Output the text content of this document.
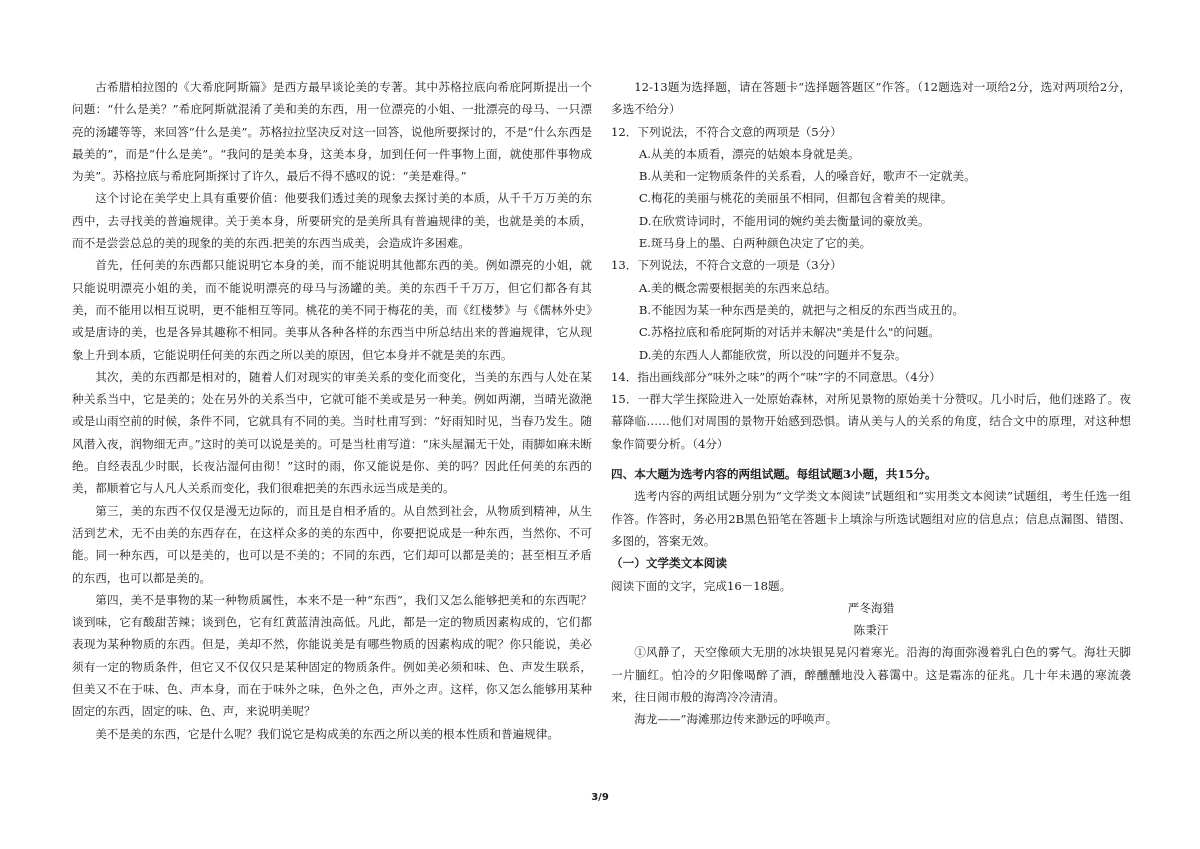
古希腊柏拉图的《大希庇阿斯篇》是西方最早谈论美的专著。其中苏格拉底向希庇阿斯提出一个问题：“什么是美？”希庇阿斯就混淆了美和美的东西，用一位漂亮的小姐、一批漂亮的母马、一只漂亮的汤罐等等，来回答“什么是美”。苏格拉拉坚决反对这一回答，说他所要探讨的，不是“什么东西是最美的”，而是“什么是美”。“我问的是美本身，这美本身，加到任何一件事物上面，就使那件事物成为美”。苏格拉底与希庇阿斯探讨了许久，最后不得不感叹的说：“美是难得。”

这个讨论在美学史上具有重要价值：他要我们透过美的现象去探讨美的本质，从千千万万美的东西中，去寻找美的普遍规律。关于美本身，所要研究的是美所具有普遍规律的美，也就是美的本质，而不是尝尝总总的美的现象的美的东西.把美的东西当成美，会造成许多困难。

首先，任何美的东西都只能说明它本身的美，而不能说明其他都东西的美。例如漂亮的小姐，就只能说明漂亮小姐的美，而不能说明漂亮的母马与汤罐的美。美的东西千千万万，但它们都各有其美，而不能用以相互说明，更不能相互等同。桃花的美不同于梅花的美，而《红楼梦》与《儒林外史》或是唐诗的美，也是各异其趣称不相同。美事从各种各样的东西当中所总结出来的普遍规律，它从现象上升到本质，它能说明任何美的东西之所以美的原因，但它本身并不就是美的东西。

其次，美的东西都是相对的，随着人们对现实的审美关系的变化而变化，当美的东西与人处在某种关系当中，它是美的；处在另外的关系当中，它就可能不美或是另一种美。例如两潮，当晴光潋滟或是山雨空前的时候，条件不同，它就具有不同的美。当时杜甫写到：“好雨知时见，当春乃发生。随风潜入夜，润物细无声。”这时的美可以说是美的。可是当杜甫写道：“床头屋漏无干处，雨脚如麻未断绝。自经表乱少时眠，长夜沾湿何由彻！”这时的雨，你又能说是你、美的吗？因此任何美的东西的美，都顺着它与人凡人关系而变化，我们很难把美的东西永远当成是美的。

第三，美的东西不仅仅是漫无边际的，而且是自相矛盾的。从自然到社会，从物质到精神，从生活到艺术，无不由美的东西存在，在这样众多的美的东西中，你要把说成是一种东西，当然你、不可能。同一种东西，可以是美的，也可以是不美的；不同的东西，它们却可以都是美的；甚至相互矛盾的东西，也可以都是美的。

第四，美不是事物的某一种物质属性，本来不是一种“东西”，我们又怎么能够把美和的东西呢？谈到味，它有酸甜苦辣；谈到色，它有红黄蓝清浊高低。凡此，都是一定的物质因素构成的，它们都表现为某种物质的东西。但是，美却不然，你能说美是有哪些物质的因素构成的呢？你只能说，美必须有一定的物质条件，但它又不仅仅只是某种固定的物质条件。例如美必须和味、色、声发生联系，但美又不在于味、色、声本身，而在于味外之味，色外之色，声外之声。这样，你又怎么能够用某种固定的东西，固定的味、色、声，来说明美呢？

美不是美的东西，它是什么呢？我们说它是构成美的东西之所以美的根本性质和普遍规律。

12-13题为选择题，请在答题卡“选择题答题区”作答。（12题选对一项给2分，选对两项给2分，多选不给分）

12．下列说法，不符合文意的两项是（5分）

A.从美的本质看，漂亮的姑娘本身就是美。

B.从美和一定物质条件的关系看，人的嗓音好，歌声不一定就美。

C.梅花的美丽与桃花的美丽虽不相同，但都包含着美的规律。

D.在欣赏诗词时，不能用词的婉约美去衡量词的豪放美。

E.斑马身上的墨、白两种颜色决定了它的美。

13．下列说法，不符合文意的一项是（3分）

A.美的概念需要根据美的东西来总结。

B.不能因为某一种东西是美的，就把与之相反的东西当成丑的。

C.苏格拉底和希庇阿斯的对话并未解决"美是什么"的问题。

D.美的东西人人都能欣赏，所以没的问题并不复杂。

14．指出画线部分“味外之味”的两个“味”字的不同意思。（4分）

15．一群大学生探险进入一处原始森林，对所见景物的原始美十分赞叹。几小时后，他们迷路了。夜幕降临……他们对周围的景物开始感到恐惧。请从美与人的关系的角度，结合文中的原理，对这种想象作简要分析。（4分）

四、本大题为选考内容的两组试题。每组试题3小题，共15分。

选考内容的两组试题分别为“文学类文本阅读”试题组和“实用类文本阅读”试题组，考生任选一组作答。作答时，务必用2B黑色铅笔在答题卡上填涂与所选试题组对应的信息点；信息点漏图、错图、多图的，答案无效。

（一）文学类文本阅读

阅读下面的文字，完成16－18题。

严冬海猎

陈秉汗

①风静了，天空像硕大无朋的冰块银晃晃闪着寒光。沿海的海面弥漫着乳白色的雾气。海壮天脚一片腼红。怕冷的夕阳像喝醉了酒，醉醺醺地没入暮霭中。这是霜冻的征兆。几十年未遇的寒流袭来，往日闹市般的海湾冷冷清清。

海龙——”海滩那边传来渺远的呼唤声。

3/9
